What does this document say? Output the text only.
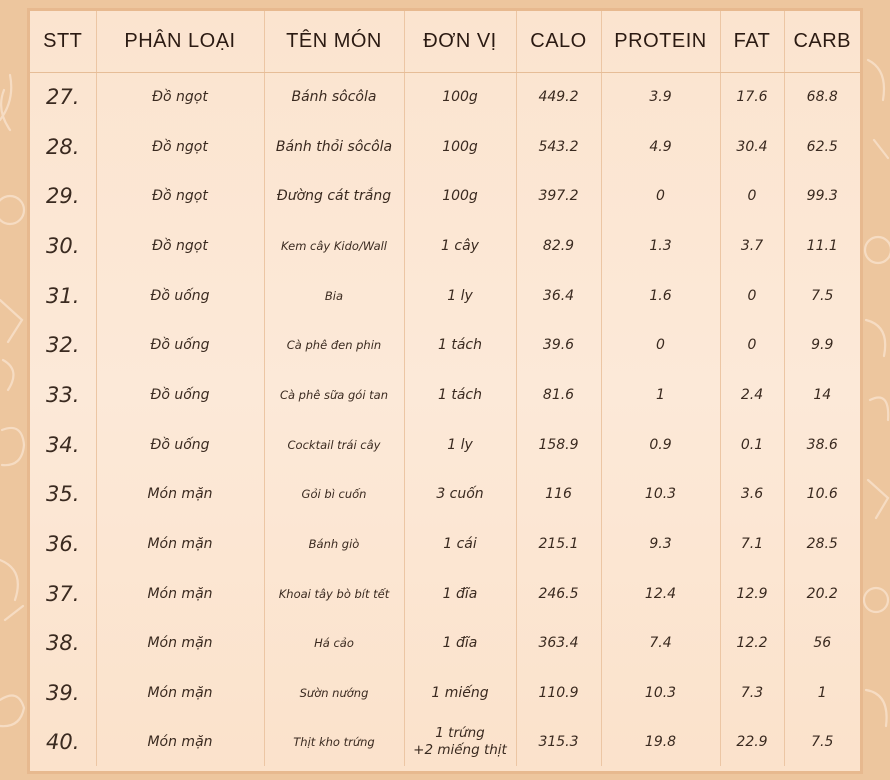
STT	PHÂN LOẠI	TÊN MÓN	ĐƠN VỊ	CALO	PROTEIN	FAT	CARB
27.	Đồ ngọt	Bánh sôcôla	100g	449.2	3.9	17.6	68.8
28.	Đồ ngọt	Bánh thỏi sôcôla	100g	543.2	4.9	30.4	62.5
29.	Đồ ngọt	Đường cát trắng	100g	397.2	0	0	99.3
30.	Đồ ngọt	Kem cây Kido/Wall	1 cây	82.9	1.3	3.7	11.1
31.	Đồ uống	Bia	1 ly	36.4	1.6	0	7.5
32.	Đồ uống	Cà phê đen phin	1 tách	39.6	0	0	9.9
33.	Đồ uống	Cà phê sữa gói tan	1 tách	81.6	1	2.4	14
34.	Đồ uống	Cocktail trái cây	1 ly	158.9	0.9	0.1	38.6
35.	Món mặn	Gỏi bì cuốn	3 cuốn	116	10.3	3.6	10.6
36.	Món mặn	Bánh giò	1 cái	215.1	9.3	7.1	28.5
37.	Món mặn	Khoai tây bò bít tết	1 đĩa	246.5	12.4	12.9	20.2
38.	Món mặn	Há cảo	1 đĩa	363.4	7.4	12.2	56
39.	Món mặn	Sườn nướng	1 miếng	110.9	10.3	7.3	1
40.	Món mặn	Thịt kho trứng	1 trứng
+2 miếng thịt	315.3	19.8	22.9	7.5
